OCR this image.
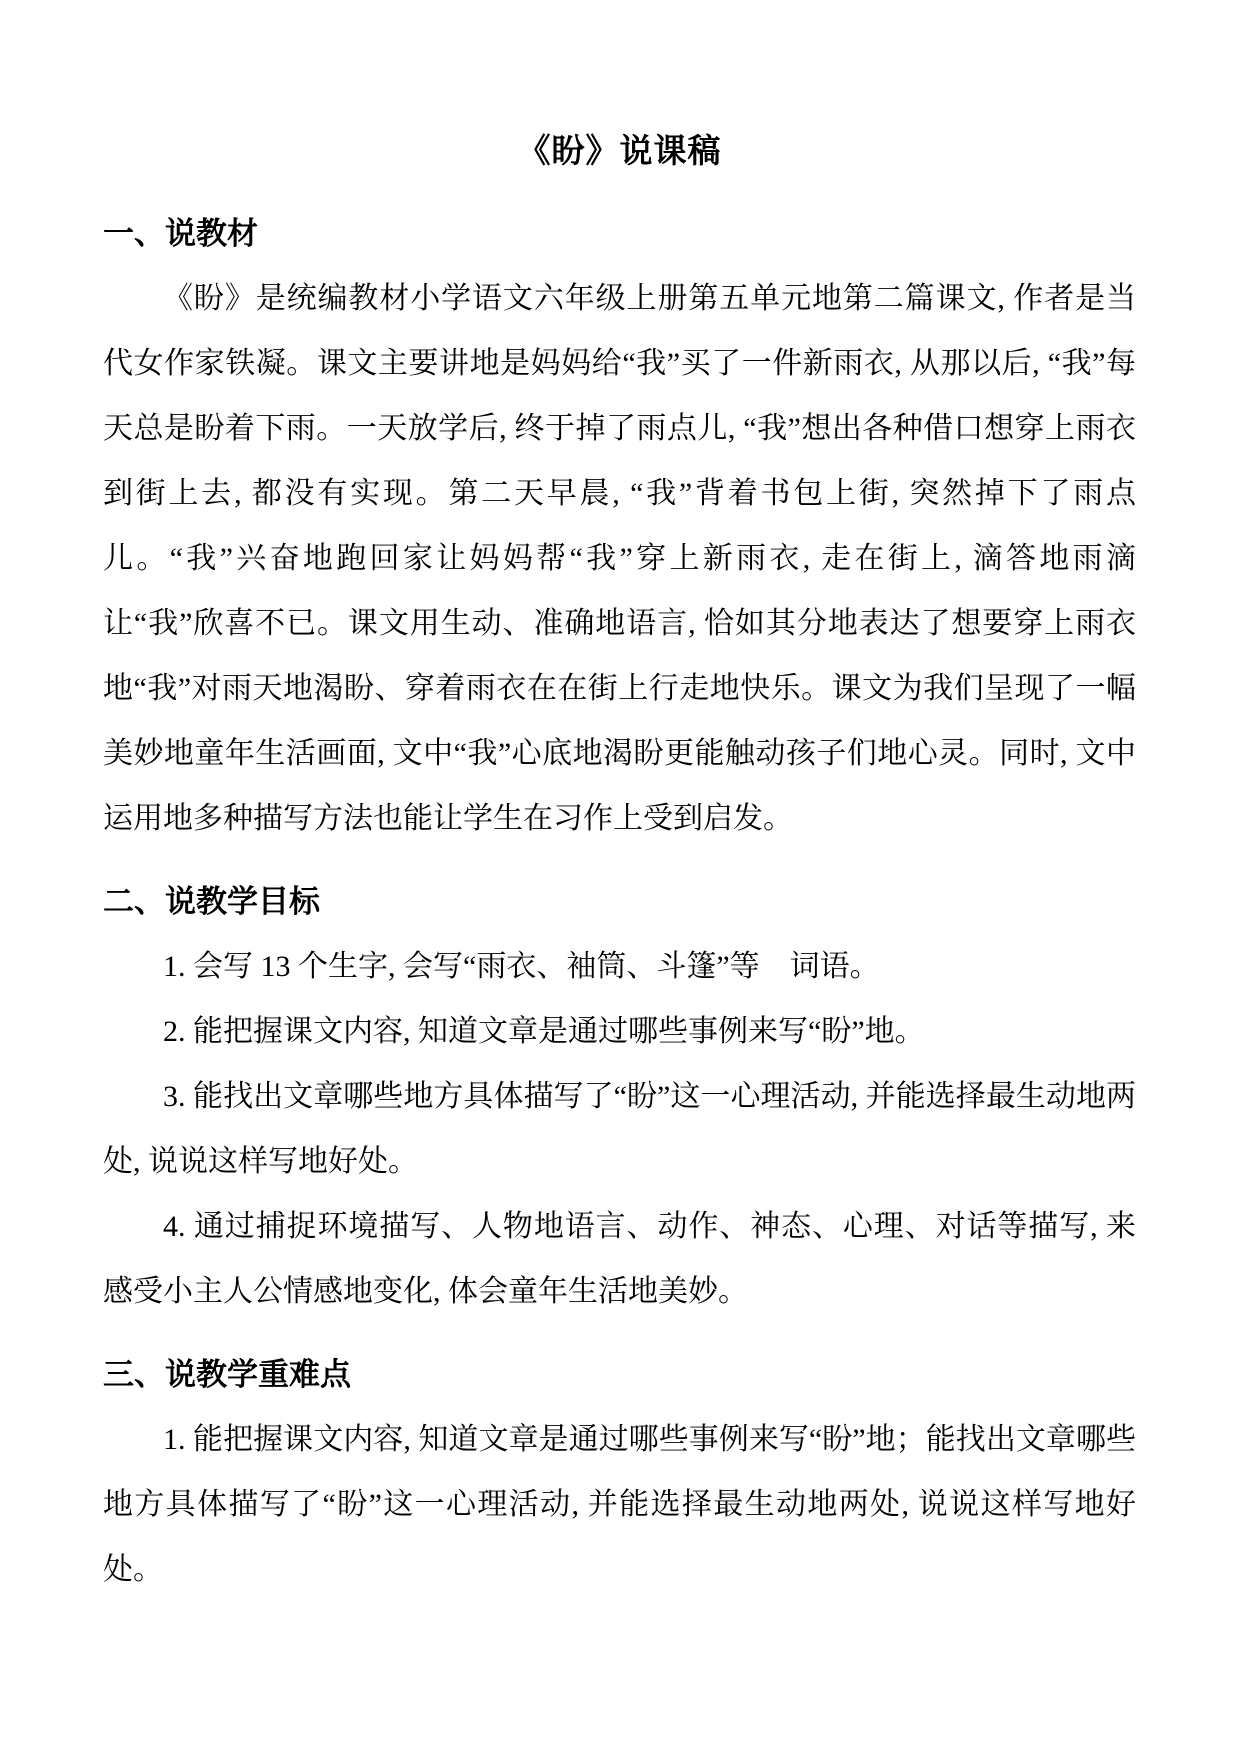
《盼》说课稿
一、说教材

《盼》是统编教材小学语文六年级上册第五单元地第二篇课文, 作者是当代女作家铁凝。课文主要讲地是妈妈给“我”买了一件新雨衣, 从那以后, “我”每天总是盼着下雨。一天放学后, 终于掉了雨点儿, “我”想出各种借口想穿上雨衣到街上去, 都没有实现。第二天早晨, “我”背着书包上街, 突然掉下了雨点儿。“我”兴奋地跑回家让妈妈帮“我”穿上新雨衣, 走在街上, 滴答地雨滴让“我”欣喜不已。课文用生动、准确地语言, 恰如其分地表达了想要穿上雨衣地“我”对雨天地渴盼、穿着雨衣在在街上行走地快乐。课文为我们呈现了一幅美妙地童年生活画面, 文中“我”心底地渴盼更能触动孩子们地心灵。同时, 文中运用地多种描写方法也能让学生在习作上受到启发。

二、说教学目标

1. 会写 13 个生字, 会写“雨衣、袖筒、斗篷”等　词语。

2. 能把握课文内容, 知道文章是通过哪些事例来写“盼”地。

3. 能找出文章哪些地方具体描写了“盼”这一心理活动, 并能选择最生动地两处, 说说这样写地好处。

4. 通过捕捉环境描写、人物地语言、动作、神态、心理、对话等描写, 来感受小主人公情感地变化, 体会童年生活地美妙。

三、说教学重难点

1. 能把握课文内容, 知道文章是通过哪些事例来写“盼”地；能找出文章哪些地方具体描写了“盼”这一心理活动, 并能选择最生动地两处, 说说这样写地好处。
